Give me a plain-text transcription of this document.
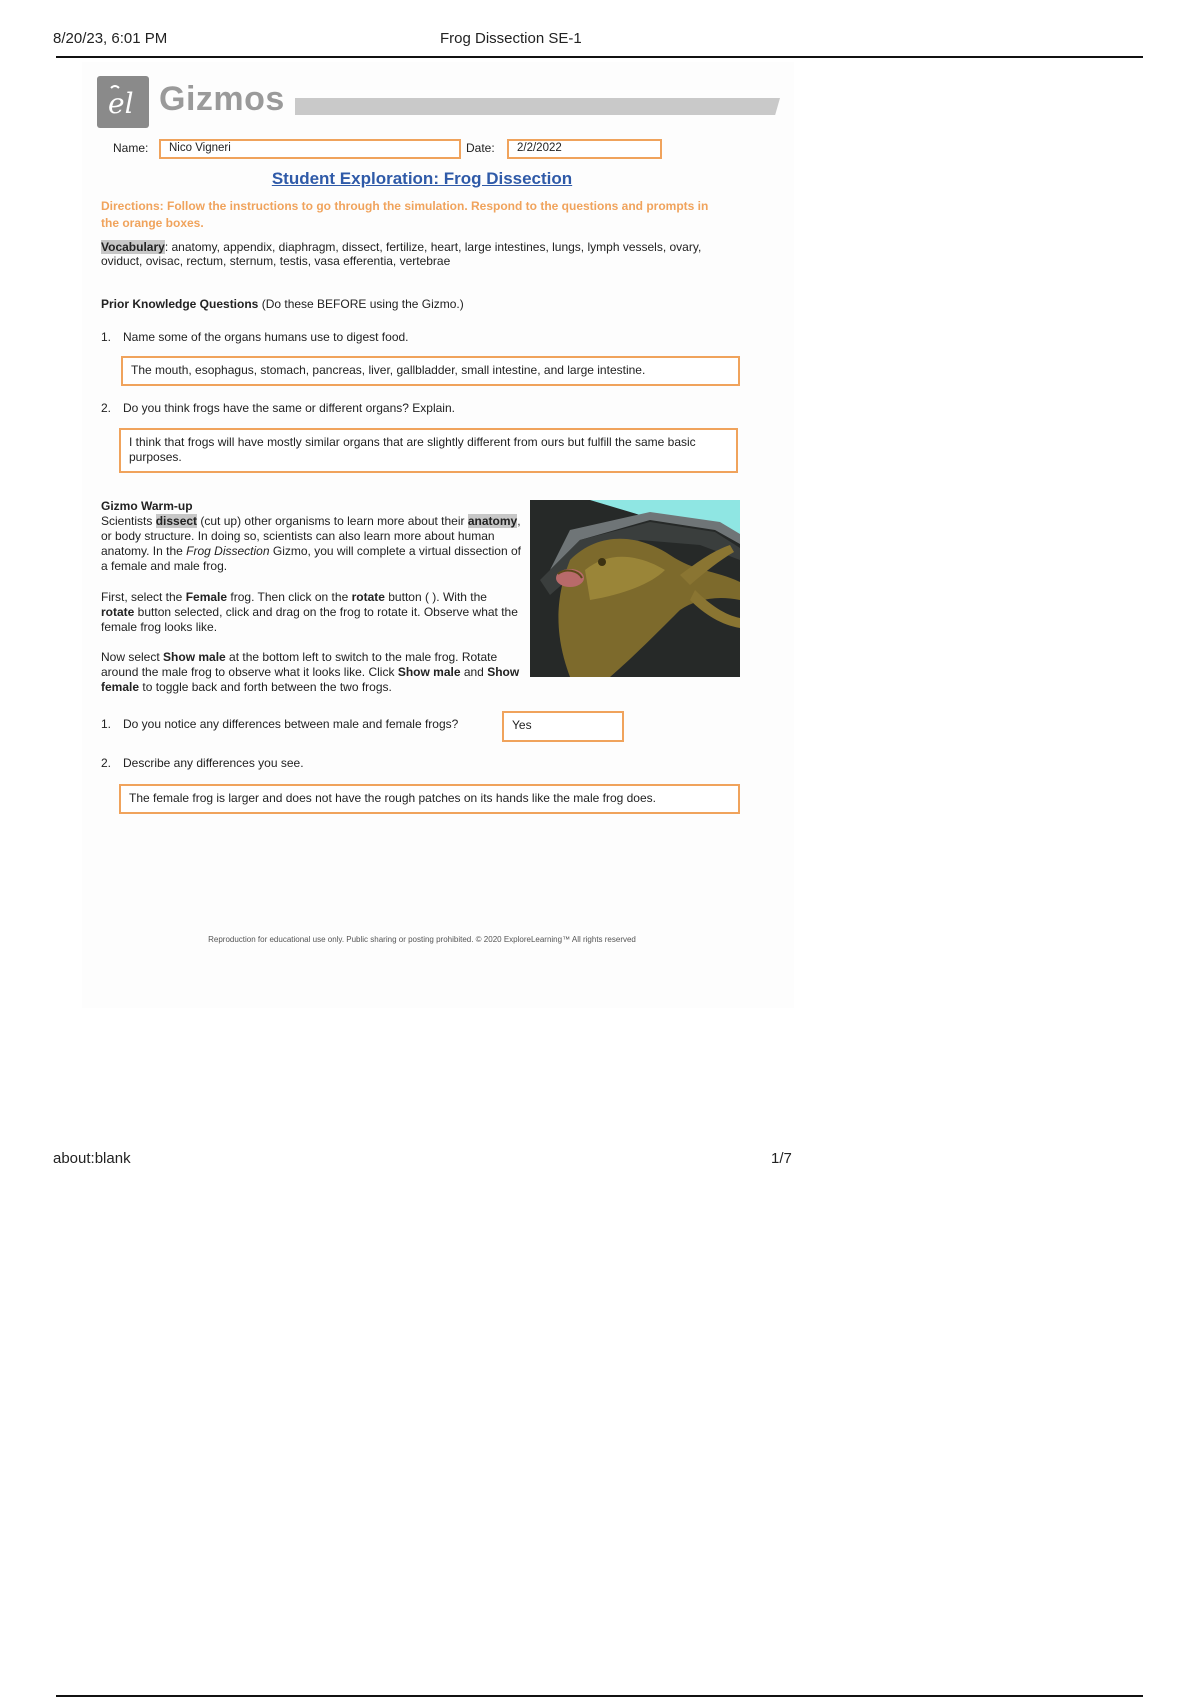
8/20/23, 6:01 PM	Frog Dissection SE-1
el Gizmos
Name:	Nico Vigneri	Date:	2/2/2022
Student Exploration: Frog Dissection
Directions: Follow the instructions to go through the simulation. Respond to the questions and prompts in the orange boxes.
Vocabulary: anatomy, appendix, diaphragm, dissect, fertilize, heart, large intestines, lungs, lymph vessels, ovary, oviduct, ovisac, rectum, sternum, testis, vasa efferentia, vertebrae
Prior Knowledge Questions (Do these BEFORE using the Gizmo.)
1. Name some of the organs humans use to digest food.
The mouth, esophagus, stomach, pancreas, liver, gallbladder, small intestine, and large intestine.
2. Do you think frogs have the same or different organs? Explain.
I think that frogs will have mostly similar organs that are slightly different from ours but fulfill the same basic purposes.
Gizmo Warm-up
Scientists dissect (cut up) other organisms to learn more about their anatomy, or body structure. In doing so, scientists can also learn more about human anatomy. In the Frog Dissection Gizmo, you will complete a virtual dissection of a female and male frog.
First, select the Female frog. Then click on the rotate button ( ). With the rotate button selected, click and drag on the frog to rotate it. Observe what the female frog looks like.
Now select Show male at the bottom left to switch to the male frog. Rotate around the male frog to observe what it looks like. Click Show male and Show female to toggle back and forth between the two frogs.
1. Do you notice any differences between male and female frogs?	Yes
2. Describe any differences you see.
The female frog is larger and does not have the rough patches on its hands like the male frog does.
Reproduction for educational use only. Public sharing or posting prohibited. © 2020 ExploreLearning™ All rights reserved
about:blank	1/7
